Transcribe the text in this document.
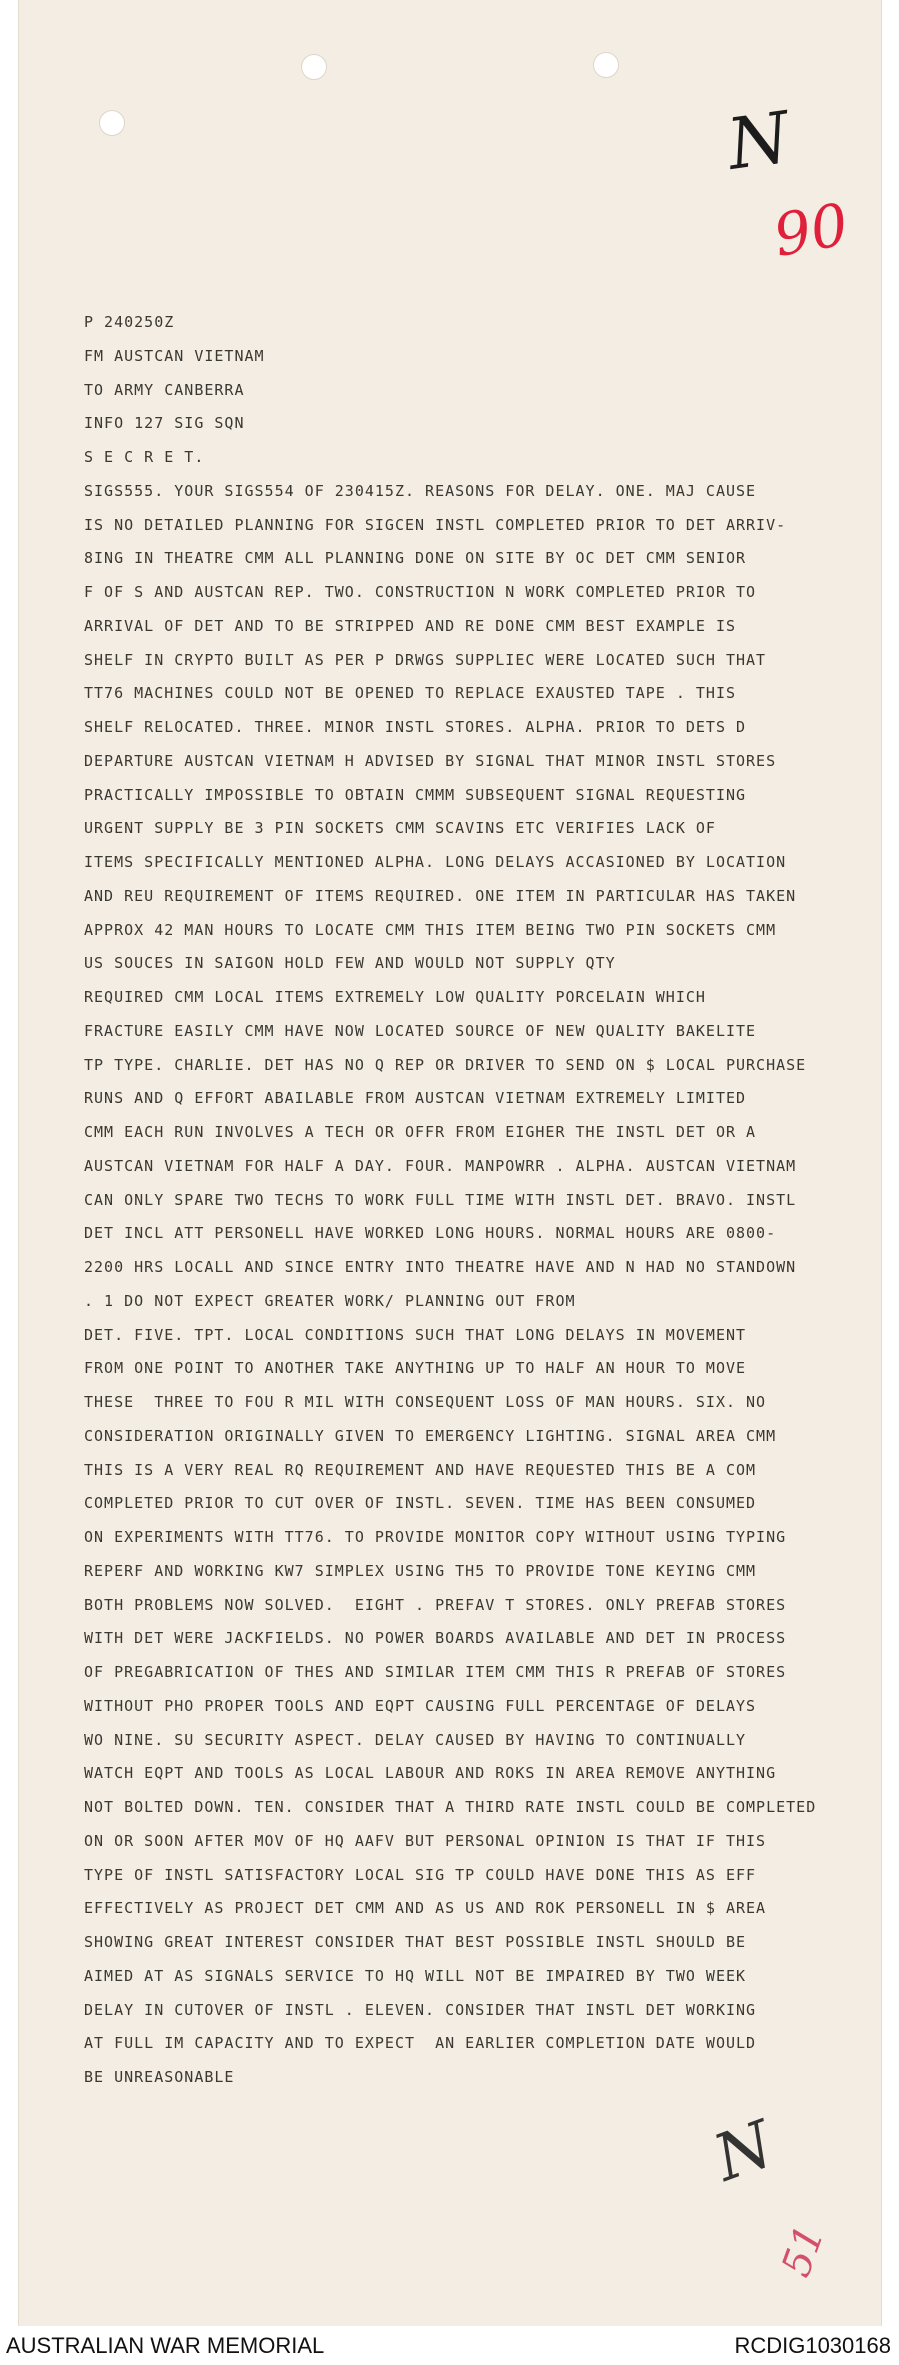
N
90
P 240250Z
FM AUSTCAN VIETNAM
TO ARMY CANBERRA
INFO 127 SIG SQN
S E C R E T.
SIGS555. YOUR SIGS554 OF 230415Z. REASONS FOR DELAY. ONE. MAJ CAUSE
IS NO DETAILED PLANNING FOR SIGCEN INSTL COMPLETED PRIOR TO DET ARRIV-
8ING IN THEATRE CMM ALL PLANNING DONE ON SITE BY OC DET CMM SENIOR
F OF S AND AUSTCAN REP. TWO. CONSTRUCTION N WORK COMPLETED PRIOR TO
ARRIVAL OF DET AND TO BE STRIPPED AND RE DONE CMM BEST EXAMPLE IS
SHELF IN CRYPTO BUILT AS PER P DRWGS SUPPLIEC WERE LOCATED SUCH THAT
TT76 MACHINES COULD NOT BE OPENED TO REPLACE EXAUSTED TAPE . THIS
SHELF RELOCATED. THREE. MINOR INSTL STORES. ALPHA. PRIOR TO DETS D
DEPARTURE AUSTCAN VIETNAM H ADVISED BY SIGNAL THAT MINOR INSTL STORES
PRACTICALLY IMPOSSIBLE TO OBTAIN CMMM SUBSEQUENT SIGNAL REQUESTING
URGENT SUPPLY BE 3 PIN SOCKETS CMM SCAVINS ETC VERIFIES LACK OF
ITEMS SPECIFICALLY MENTIONED ALPHA. LONG DELAYS ACCASIONED BY LOCATION
AND REU REQUIREMENT OF ITEMS REQUIRED. ONE ITEM IN PARTICULAR HAS TAKEN
APPROX 42 MAN HOURS TO LOCATE CMM THIS ITEM BEING TWO PIN SOCKETS CMM
US SOUCES IN SAIGON HOLD FEW AND WOULD NOT SUPPLY QTY
REQUIRED CMM LOCAL ITEMS EXTREMELY LOW QUALITY PORCELAIN WHICH
FRACTURE EASILY CMM HAVE NOW LOCATED SOURCE OF NEW QUALITY BAKELITE
TP TYPE. CHARLIE. DET HAS NO Q REP OR DRIVER TO SEND ON $ LOCAL PURCHASE
RUNS AND Q EFFORT ABAILABLE FROM AUSTCAN VIETNAM EXTREMELY LIMITED
CMM EACH RUN INVOLVES A TECH OR OFFR FROM EIGHER THE INSTL DET OR A
AUSTCAN VIETNAM FOR HALF A DAY. FOUR. MANPOWRR . ALPHA. AUSTCAN VIETNAM
CAN ONLY SPARE TWO TECHS TO WORK FULL TIME WITH INSTL DET. BRAVO. INSTL
DET INCL ATT PERSONELL HAVE WORKED LONG HOURS. NORMAL HOURS ARE 0800-
2200 HRS LOCALL AND SINCE ENTRY INTO THEATRE HAVE AND N HAD NO STANDOWN
. 1 DO NOT EXPECT GREATER WORK/ PLANNING OUT FROM
DET. FIVE. TPT. LOCAL CONDITIONS SUCH THAT LONG DELAYS IN MOVEMENT
FROM ONE POINT TO ANOTHER TAKE ANYTHING UP TO HALF AN HOUR TO MOVE
THESE  THREE TO FOU R MIL WITH CONSEQUENT LOSS OF MAN HOURS. SIX. NO
CONSIDERATION ORIGINALLY GIVEN TO EMERGENCY LIGHTING. SIGNAL AREA CMM
THIS IS A VERY REAL RQ REQUIREMENT AND HAVE REQUESTED THIS BE A COM
COMPLETED PRIOR TO CUT OVER OF INSTL. SEVEN. TIME HAS BEEN CONSUMED
ON EXPERIMENTS WITH TT76. TO PROVIDE MONITOR COPY WITHOUT USING TYPING
REPERF AND WORKING KW7 SIMPLEX USING TH5 TO PROVIDE TONE KEYING CMM
BOTH PROBLEMS NOW SOLVED.  EIGHT . PREFAV T STORES. ONLY PREFAB STORES
WITH DET WERE JACKFIELDS. NO POWER BOARDS AVAILABLE AND DET IN PROCESS
OF PREGABRICATION OF THES AND SIMILAR ITEM CMM THIS R PREFAB OF STORES
WITHOUT PHO PROPER TOOLS AND EQPT CAUSING FULL PERCENTAGE OF DELAYS
WO NINE. SU SECURITY ASPECT. DELAY CAUSED BY HAVING TO CONTINUALLY
WATCH EQPT AND TOOLS AS LOCAL LABOUR AND ROKS IN AREA REMOVE ANYTHING
NOT BOLTED DOWN. TEN. CONSIDER THAT A THIRD RATE INSTL COULD BE COMPLETED
ON OR SOON AFTER MOV OF HQ AAFV BUT PERSONAL OPINION IS THAT IF THIS
TYPE OF INSTL SATISFACTORY LOCAL SIG TP COULD HAVE DONE THIS AS EFF
EFFECTIVELY AS PROJECT DET CMM AND AS US AND ROK PERSONELL IN $ AREA
SHOWING GREAT INTEREST CONSIDER THAT BEST POSSIBLE INSTL SHOULD BE
AIMED AT AS SIGNALS SERVICE TO HQ WILL NOT BE IMPAIRED BY TWO WEEK
DELAY IN CUTOVER OF INSTL . ELEVEN. CONSIDER THAT INSTL DET WORKING
AT FULL IM CAPACITY AND TO EXPECT  AN EARLIER COMPLETION DATE WOULD
BE UNREASONABLE
N
51
AUSTRALIAN WAR MEMORIAL	RCDIG1030168
